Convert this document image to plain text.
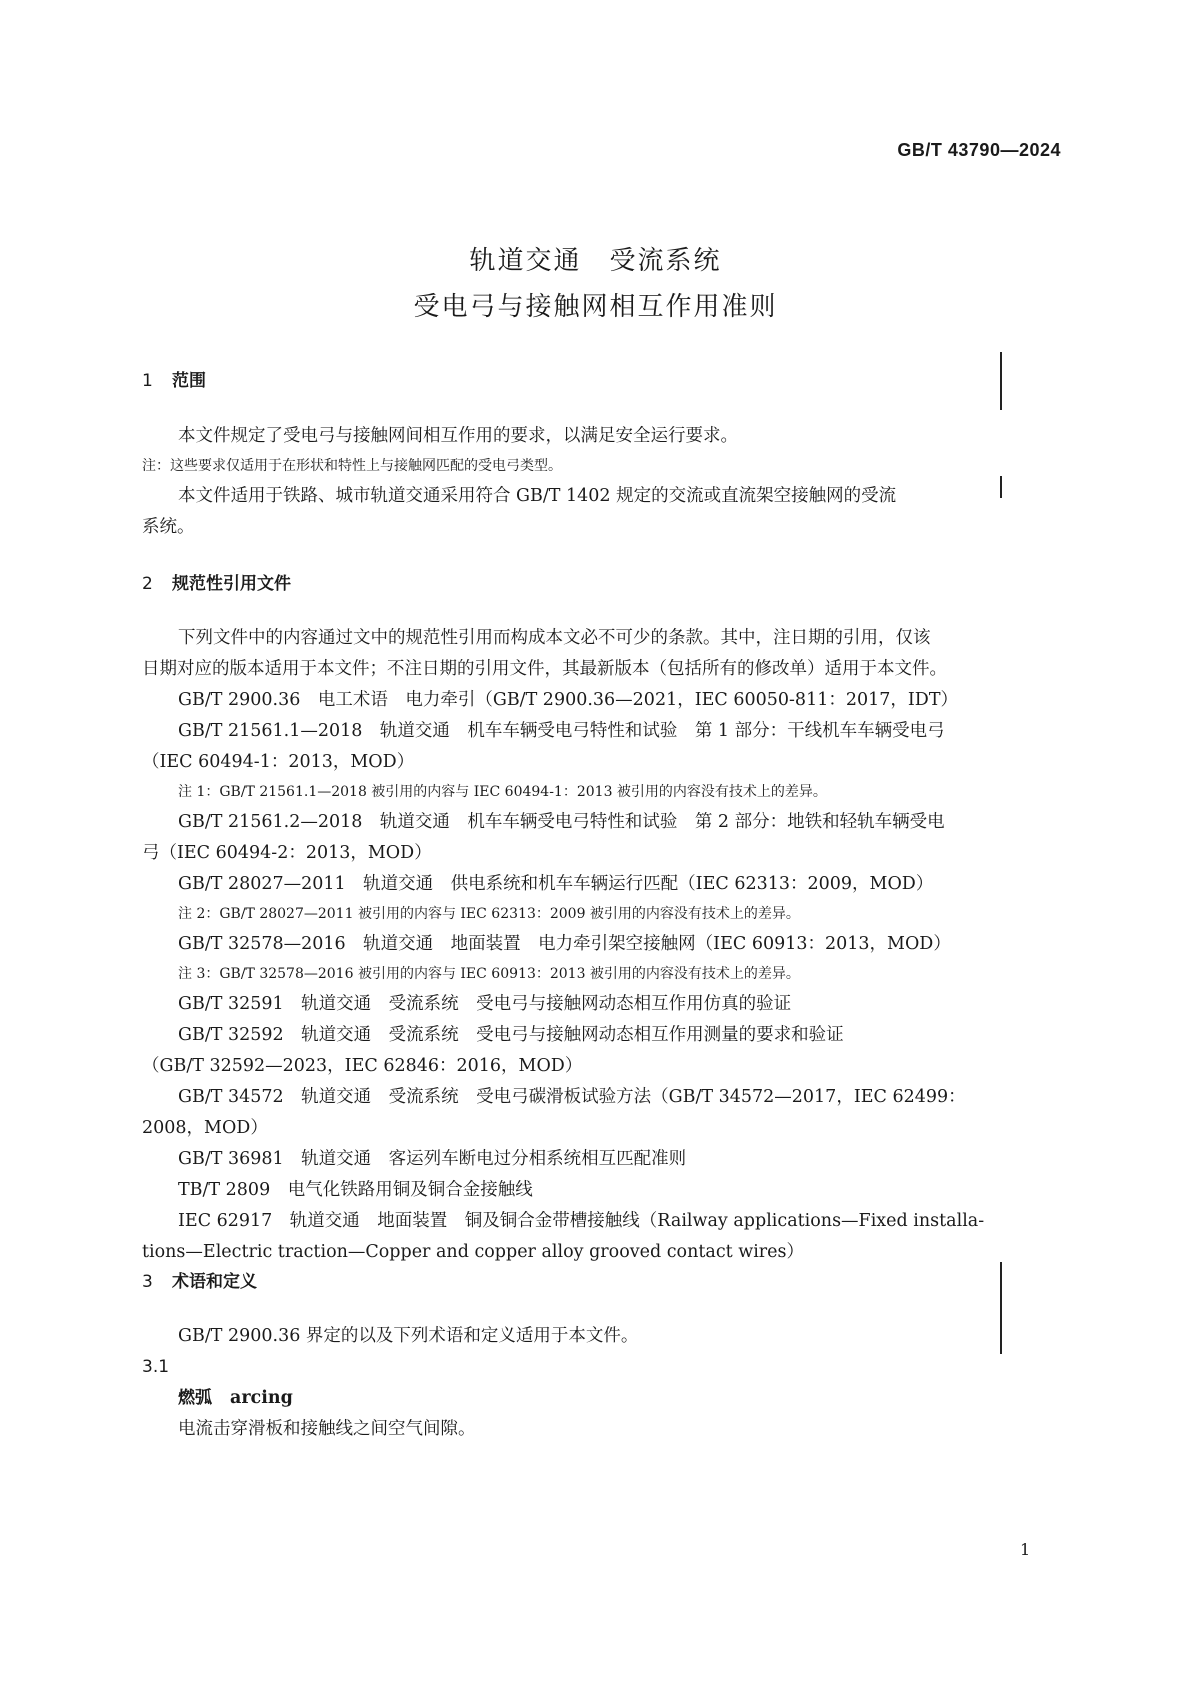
GB/T 43790—2024
轨道交通　受流系统
受电弓与接触网相互作用准则
1 范围

本文件规定了受电弓与接触网间相互作用的要求，以满足安全运行要求。

注：这些要求仅适用于在形状和特性上与接触网匹配的受电弓类型。

本文件适用于铁路、城市轨道交通采用符合 GB/T 1402 规定的交流或直流架空接触网的受流

系统。

2 规范性引用文件

下列文件中的内容通过文中的规范性引用而构成本文必不可少的条款。其中，注日期的引用，仅该

日期对应的版本适用于本文件；不注日期的引用文件，其最新版本（包括所有的修改单）适用于本文件。

GB/T 2900.36　电工术语　电力牵引（GB/T 2900.36—2021，IEC 60050-811：2017，IDT）

GB/T 21561.1—2018　轨道交通　机车车辆受电弓特性和试验　第 1 部分：干线机车车辆受电弓

（IEC 60494-1：2013，MOD）

注 1：GB/T 21561.1—2018 被引用的内容与 IEC 60494-1：2013 被引用的内容没有技术上的差异。

GB/T 21561.2—2018　轨道交通　机车车辆受电弓特性和试验　第 2 部分：地铁和轻轨车辆受电

弓（IEC 60494-2：2013，MOD）

GB/T 28027—2011　轨道交通　供电系统和机车车辆运行匹配（IEC 62313：2009，MOD）

注 2：GB/T 28027—2011 被引用的内容与 IEC 62313：2009 被引用的内容没有技术上的差异。

GB/T 32578—2016　轨道交通　地面装置　电力牵引架空接触网（IEC 60913：2013，MOD）

注 3：GB/T 32578—2016 被引用的内容与 IEC 60913：2013 被引用的内容没有技术上的差异。

GB/T 32591　轨道交通　受流系统　受电弓与接触网动态相互作用仿真的验证

GB/T 32592　轨道交通　受流系统　受电弓与接触网动态相互作用测量的要求和验证

（GB/T 32592—2023，IEC 62846：2016，MOD）

GB/T 34572　轨道交通　受流系统　受电弓碳滑板试验方法（GB/T 34572—2017，IEC 62499：

2008，MOD）

GB/T 36981　轨道交通　客运列车断电过分相系统相互匹配准则

TB/T 2809　电气化铁路用铜及铜合金接触线

IEC 62917　轨道交通　地面装置　铜及铜合金带槽接触线（Railway applications—Fixed installa-

tions—Electric traction—Copper and copper alloy grooved contact wires）

3 术语和定义

GB/T 2900.36 界定的以及下列术语和定义适用于本文件。

3.1

燃弧 arcing

电流击穿滑板和接触线之间空气间隙。

1
